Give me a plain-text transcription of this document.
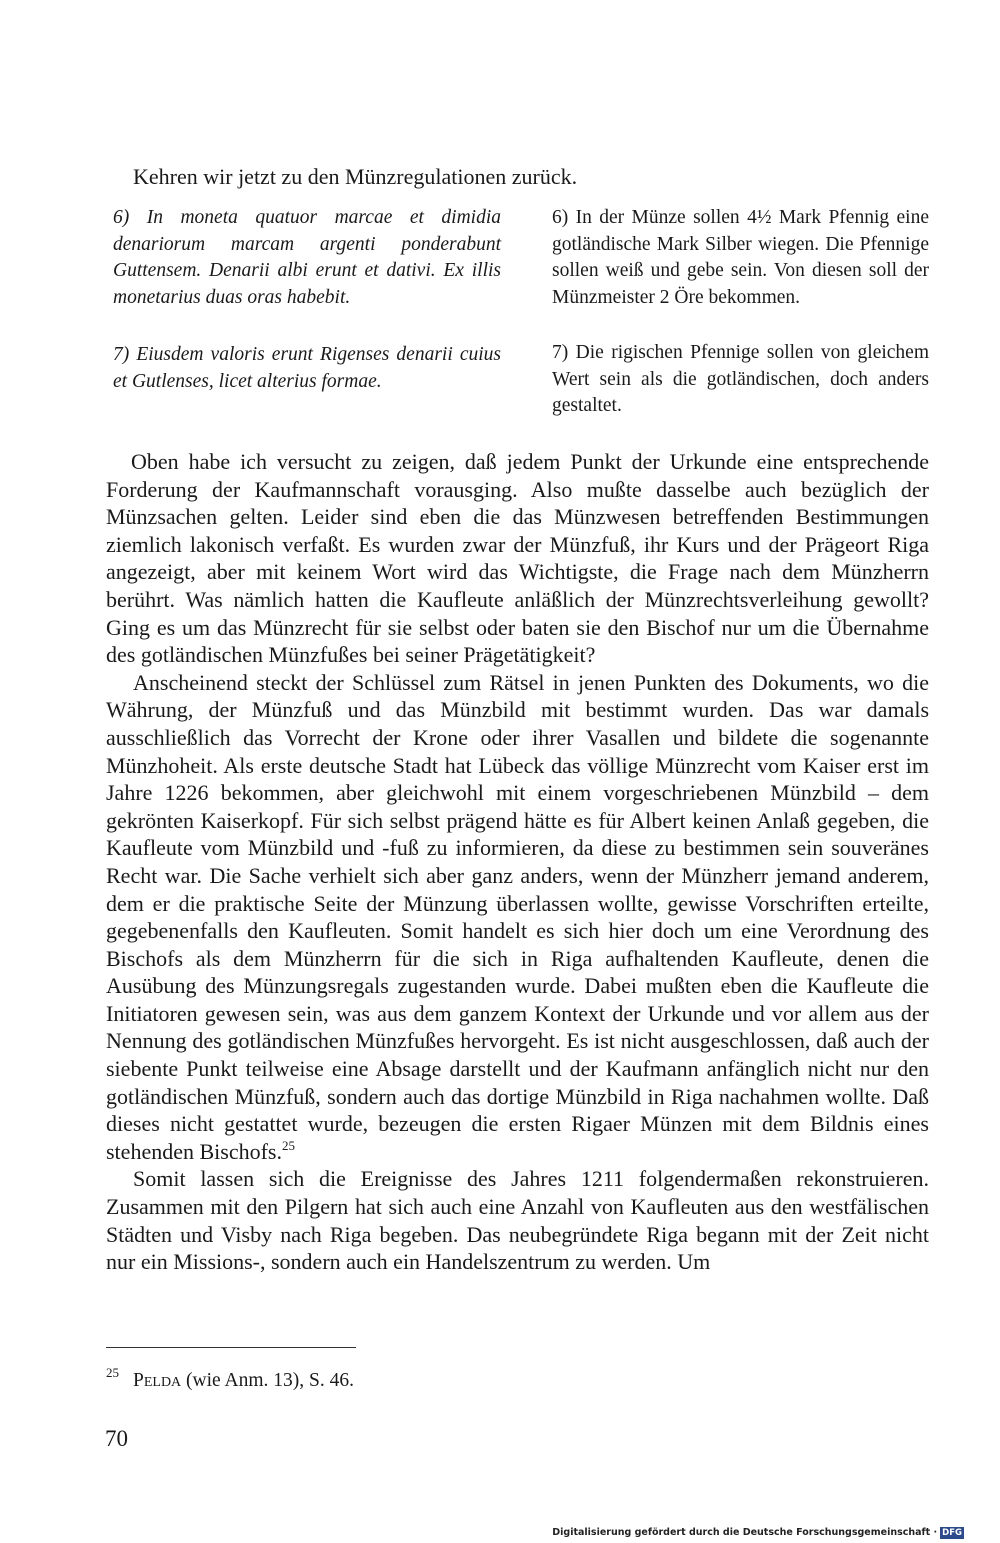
Kehren wir jetzt zu den Münzregulationen zurück.

6) In moneta quatuor marcae et dimidia denariorum marcam argenti ponderabunt Guttensem. Denarii albi erunt et dativi. Ex illis monetarius duas oras habebit.

7) Eiusdem valoris erunt Rigenses denarii cuius et Gutlenses, licet alterius formae.

6) In der Münze sollen 4½ Mark Pfennig eine gotländische Mark Silber wiegen. Die Pfennige sollen weiß und gebe sein. Von diesen soll der Münzmeister 2 Öre bekommen.

7) Die rigischen Pfennige sollen von gleichem Wert sein als die gotländischen, doch anders gestaltet.

Oben habe ich versucht zu zeigen, daß jedem Punkt der Urkunde eine entsprechende Forderung der Kaufmannschaft vorausging. Also mußte dasselbe auch bezüglich der Münzsachen gelten. Leider sind eben die das Münzwesen betreffenden Bestimmungen ziemlich lakonisch verfaßt. Es wurden zwar der Münzfuß, ihr Kurs und der Prägeort Riga angezeigt, aber mit keinem Wort wird das Wichtigste, die Frage nach dem Münzherrn berührt. Was nämlich hatten die Kaufleute anläßlich der Münzrechtsverleihung gewollt? Ging es um das Münzrecht für sie selbst oder baten sie den Bischof nur um die Übernahme des gotländischen Münzfußes bei seiner Prägetätigkeit?

Anscheinend steckt der Schlüssel zum Rätsel in jenen Punkten des Dokuments, wo die Währung, der Münzfuß und das Münzbild mit bestimmt wurden. Das war damals ausschließlich das Vorrecht der Krone oder ihrer Vasallen und bildete die sogenannte Münzhoheit. Als erste deutsche Stadt hat Lübeck das völlige Münzrecht vom Kaiser erst im Jahre 1226 bekommen, aber gleichwohl mit einem vorgeschriebenen Münzbild – dem gekrönten Kaiserkopf. Für sich selbst prägend hätte es für Albert keinen Anlaß gegeben, die Kaufleute vom Münzbild und -fuß zu informieren, da diese zu bestimmen sein souveränes Recht war. Die Sache verhielt sich aber ganz anders, wenn der Münzherr jemand anderem, dem er die praktische Seite der Münzung überlassen wollte, gewisse Vorschriften erteilte, gegebenenfalls den Kaufleuten. Somit handelt es sich hier doch um eine Verordnung des Bischofs als dem Münzherrn für die sich in Riga aufhaltenden Kaufleute, denen die Ausübung des Münzungsregals zugestanden wurde. Dabei mußten eben die Kaufleute die Initiatoren gewesen sein, was aus dem ganzem Kontext der Urkunde und vor allem aus der Nennung des gotländischen Münzfußes hervorgeht. Es ist nicht ausgeschlossen, daß auch der siebente Punkt teilweise eine Absage darstellt und der Kaufmann anfänglich nicht nur den gotländischen Münzfuß, sondern auch das dortige Münzbild in Riga nachahmen wollte. Daß dieses nicht gestattet wurde, bezeugen die ersten Rigaer Münzen mit dem Bildnis eines stehenden Bischofs.$^{25}$

Somit lassen sich die Ereignisse des Jahres 1211 folgendermaßen rekonstruieren. Zusammen mit den Pilgern hat sich auch eine Anzahl von Kaufleuten aus den westfälischen Städten und Visby nach Riga begeben. Das neubegründete Riga begann mit der Zeit nicht nur ein Missions-, sondern auch ein Handelszentrum zu werden. Um

$^{25}$ Pelda (wie Anm. 13), S. 46.
70
Digitalisierung gefördert durch die Deutsche Forschungsgemeinschaft · DFG
